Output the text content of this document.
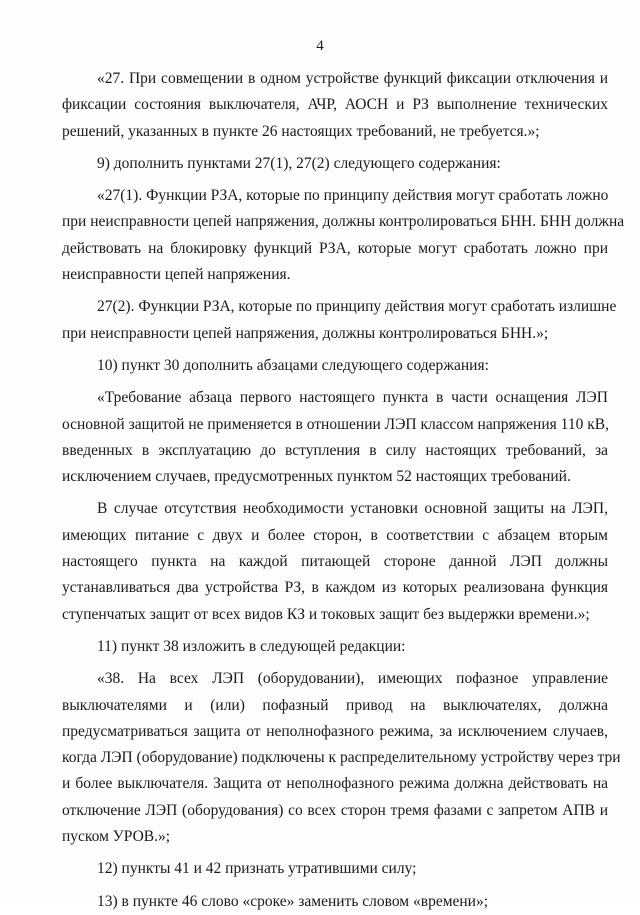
4
«27. При совмещении в одном устройстве функций фиксации отключения и
фиксации состояния выключателя, АЧР, АОСН и РЗ выполнение технических
решений, указанных в пункте 26 настоящих требований, не требуется.»;
9) дополнить пунктами 27(1), 27(2) следующего содержания:
«27(1). Функции РЗА, которые по принципу действия могут сработать ложно
при неисправности цепей напряжения, должны контролироваться БНН. БНН должна
действовать на блокировку функций РЗА, которые могут сработать ложно при
неисправности цепей напряжения.
27(2). Функции РЗА, которые по принципу действия могут сработать излишне
при неисправности цепей напряжения, должны контролироваться БНН.»;
10) пункт 30 дополнить абзацами следующего содержания:
«Требование абзаца первого настоящего пункта в части оснащения ЛЭП
основной защитой не применяется в отношении ЛЭП классом напряжения 110 кВ,
введенных в эксплуатацию до вступления в силу настоящих требований, за
исключением случаев, предусмотренных пунктом 52 настоящих требований.
В случае отсутствия необходимости установки основной защиты на ЛЭП,
имеющих питание с двух и более сторон, в соответствии с абзацем вторым
настоящего пункта на каждой питающей стороне данной ЛЭП должны
устанавливаться два устройства РЗ, в каждом из которых реализована функция
ступенчатых защит от всех видов КЗ и токовых защит без выдержки времени.»;
11) пункт 38 изложить в следующей редакции:
«38. На всех ЛЭП (оборудовании), имеющих пофазное управление
выключателями и (или) пофазный привод на выключателях, должна
предусматриваться защита от неполнофазного режима, за исключением случаев,
когда ЛЭП (оборудование) подключены к распределительному устройству через три
и более выключателя. Защита от неполнофазного режима должна действовать на
отключение ЛЭП (оборудования) со всех сторон тремя фазами с запретом АПВ и
пуском УРОВ.»;
12) пункты 41 и 42 признать утратившими силу;
13) в пункте 46 слово «сроке» заменить словом «времени»;
